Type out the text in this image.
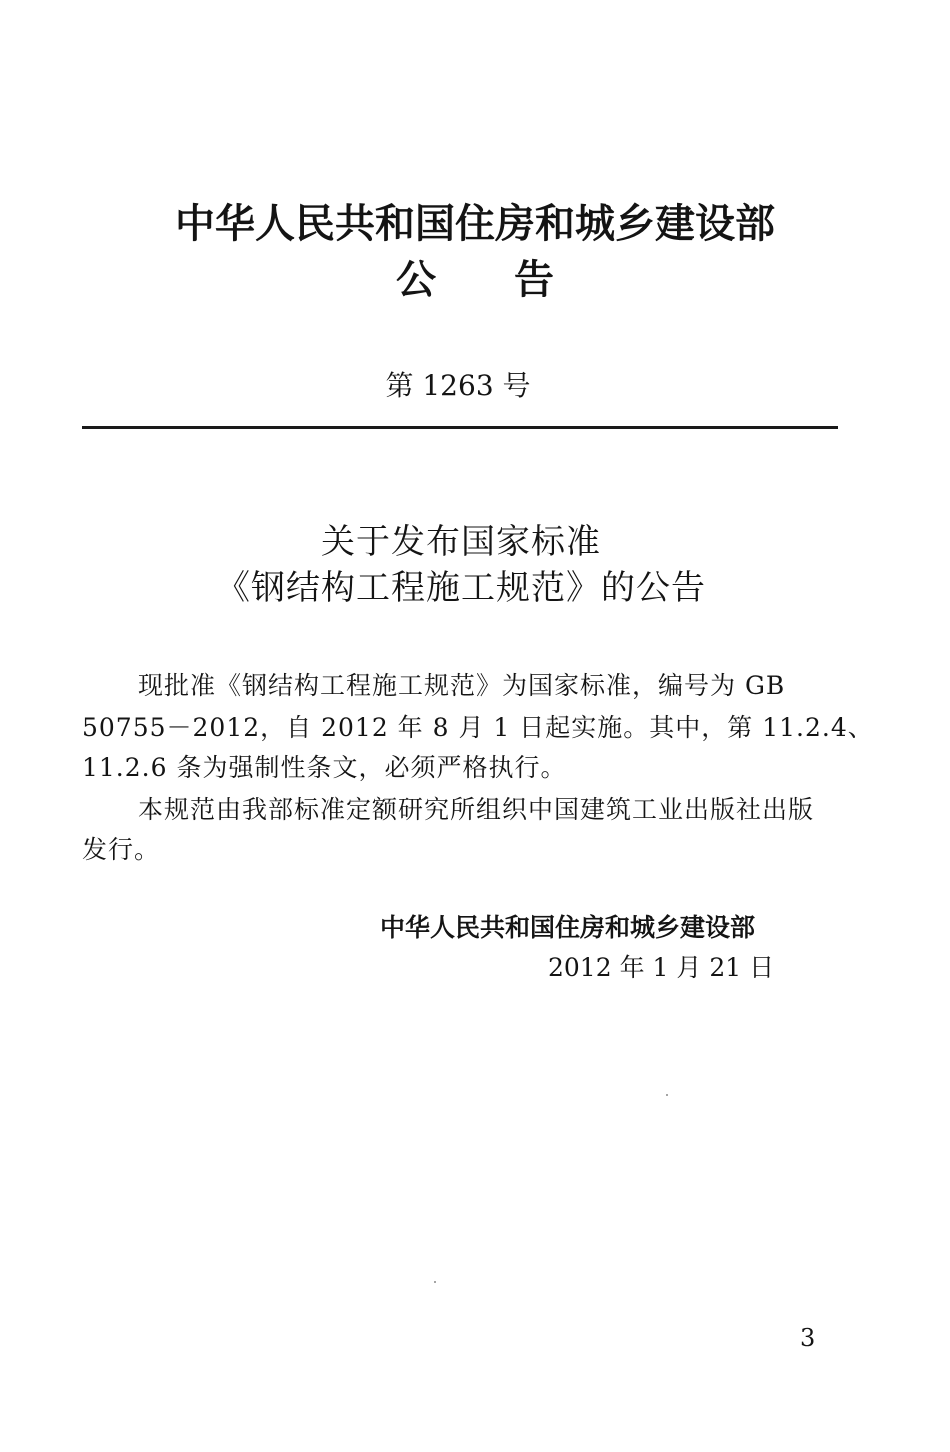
中华人民共和国住房和城乡建设部
公告
第 1263 号
关于发布国家标准
《钢结构工程施工规范》的公告
现批准《钢结构工程施工规范》为国家标准，编号为 GB
50755－2012，自 2012 年 8 月 1 日起实施。其中，第 11.2.4、
11.2.6 条为强制性条文，必须严格执行。
本规范由我部标准定额研究所组织中国建筑工业出版社出版
发行。
中华人民共和国住房和城乡建设部
2012 年 1 月 21 日
3
